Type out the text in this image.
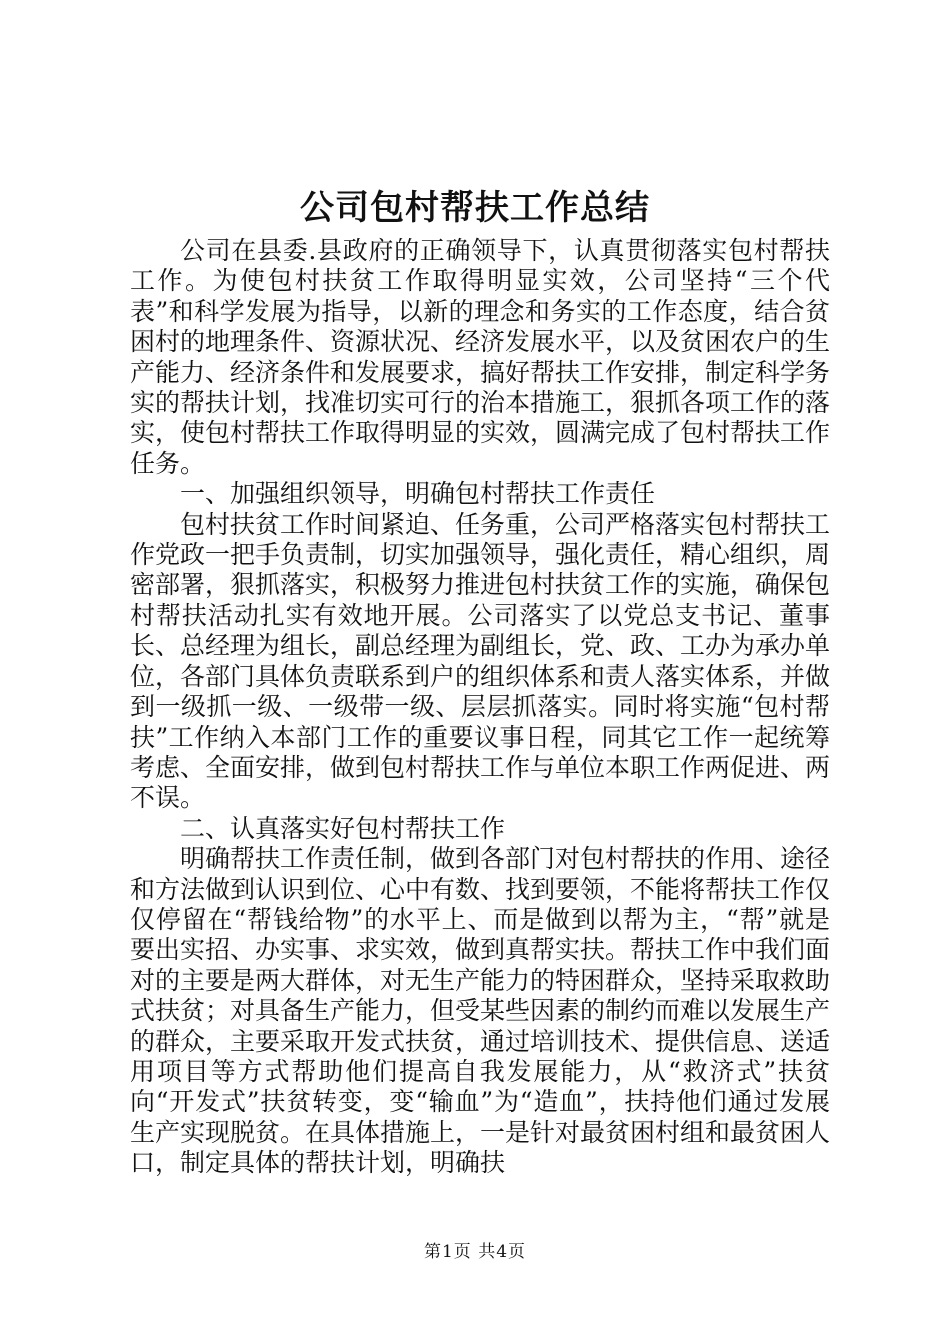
公司包村帮扶工作总结

公司在县委.县政府的正确领导下，认真贯彻落实包村帮扶工作。为使包村扶贫工作取得明显实效，公司坚持“三个代表”和科学发展为指导，以新的理念和务实的工作态度，结合贫困村的地理条件、资源状况、经济发展水平，以及贫困农户的生产能力、经济条件和发展要求，搞好帮扶工作安排，制定科学务实的帮扶计划，找准切实可行的治本措施工，狠抓各项工作的落实，使包村帮扶工作取得明显的实效，圆满完成了包村帮扶工作任务。

一、加强组织领导，明确包村帮扶工作责任

包村扶贫工作时间紧迫、任务重，公司严格落实包村帮扶工作党政一把手负责制，切实加强领导，强化责任，精心组织，周密部署，狠抓落实，积极努力推进包村扶贫工作的实施，确保包村帮扶活动扎实有效地开展。公司落实了以党总支书记、董事长、总经理为组长，副总经理为副组长，党、政、工办为承办单位，各部门具体负责联系到户的组织体系和责人落实体系，并做到一级抓一级、一级带一级、层层抓落实。同时将实施“包村帮扶”工作纳入本部门工作的重要议事日程，同其它工作一起统筹考虑、全面安排，做到包村帮扶工作与单位本职工作两促进、两不误。

二、认真落实好包村帮扶工作

明确帮扶工作责任制，做到各部门对包村帮扶的作用、途径和方法做到认识到位、心中有数、找到要领，不能将帮扶工作仅仅停留在“帮钱给物”的水平上、而是做到以帮为主，“帮”就是要出实招、办实事、求实效，做到真帮实扶。帮扶工作中我们面对的主要是两大群体，对无生产能力的特困群众，坚持采取救助式扶贫；对具备生产能力，但受某些因素的制约而难以发展生产的群众，主要采取开发式扶贫，通过培训技术、提供信息、送适用项目等方式帮助他们提高自我发展能力，从“救济式”扶贫向“开发式”扶贫转变，变“输血”为“造血”，扶持他们通过发展生产实现脱贫。在具体措施上，一是针对最贫困村组和最贫困人口，制定具体的帮扶计划，明确扶

第1页 共4页
